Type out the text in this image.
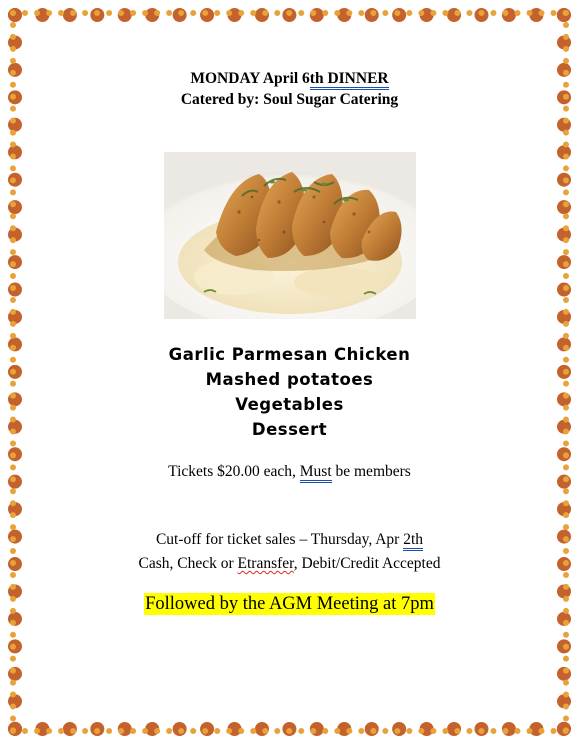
MONDAY April 6th DINNER
Catered by: Soul Sugar Catering
Garlic Parmesan Chicken
Mashed potatoes
Vegetables
Dessert
Tickets $20.00 each, Must be members
Cut-off for ticket sales – Thursday, Apr 2th
Cash, Check or Etransfer, Debit/Credit Accepted
Followed by the AGM Meeting at 7pm
